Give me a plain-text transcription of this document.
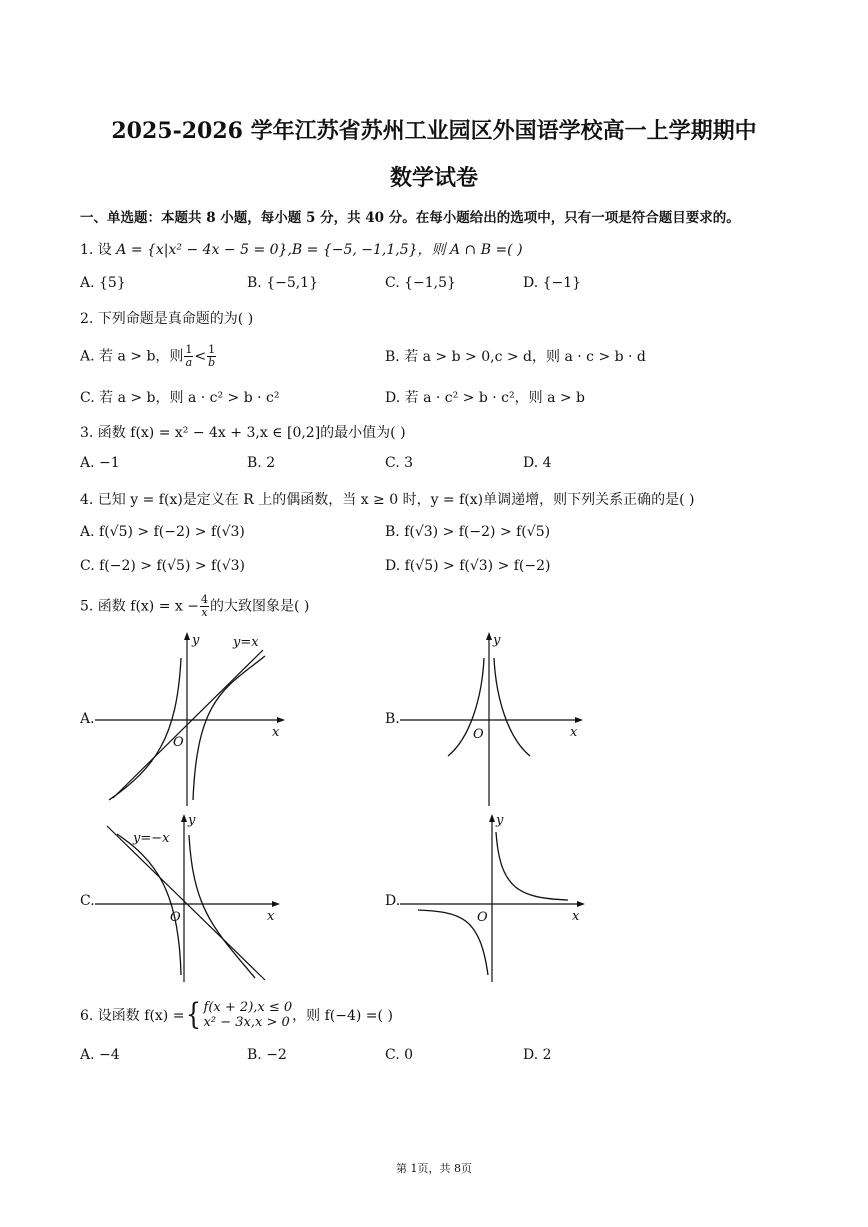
2025-2026 学年江苏省苏州工业园区外国语学校高一上学期期中
数学试卷
一、单选题：本题共 8 小题，每小题 5 分，共 40 分。在每小题给出的选项中，只有一项是符合题目要求的。
1. 设 A = {x|x² − 4x − 5 = 0},B = {−5, −1,1,5}，则 A ∩ B =( )
A. {5}	B. {−5,1}	C. {−1,5}	D. {−1}
2. 下列命题是真命题的为( )
A. 若 a > b，则 $\frac{1}{a} < \frac{1}{b}$	B. 若 a > b > 0,c > d，则 a · c > b · d
C. 若 a > b，则 a · c² > b · c²	D. 若 a · c² > b · c²，则 a > b
3. 函数 f(x) = x² − 4x + 3,x ∈ [0,2]的最小值为( )
A. −1	B. 2	C. 3	D. 4
4. 已知 y = f(x)是定义在 R 上的偶函数，当 x ≥ 0 时，y = f(x)单调递增，则下列关系正确的是( )
A. f(√5) > f(−2) > f(√3)	B. f(√3) > f(−2) > f(√5)
C. f(−2) > f(√5) > f(√3)	D. f(√5) > f(√3) > f(−2)
5. 函数 $f(x) = x - \frac{4}{x}$ 的大致图象是( )
A.	B.
C.	D.
x
y
O
y=x
x
y
O
x
y
O
y=−x
x
y
O
6. 设函数 f(x) ={ f(x + 2),x ≤ 0
x² − 3x,x > 0 ，则 f(−4) =( )
A. −4	B. −2	C. 0	D. 2
第 1页，共 8页
